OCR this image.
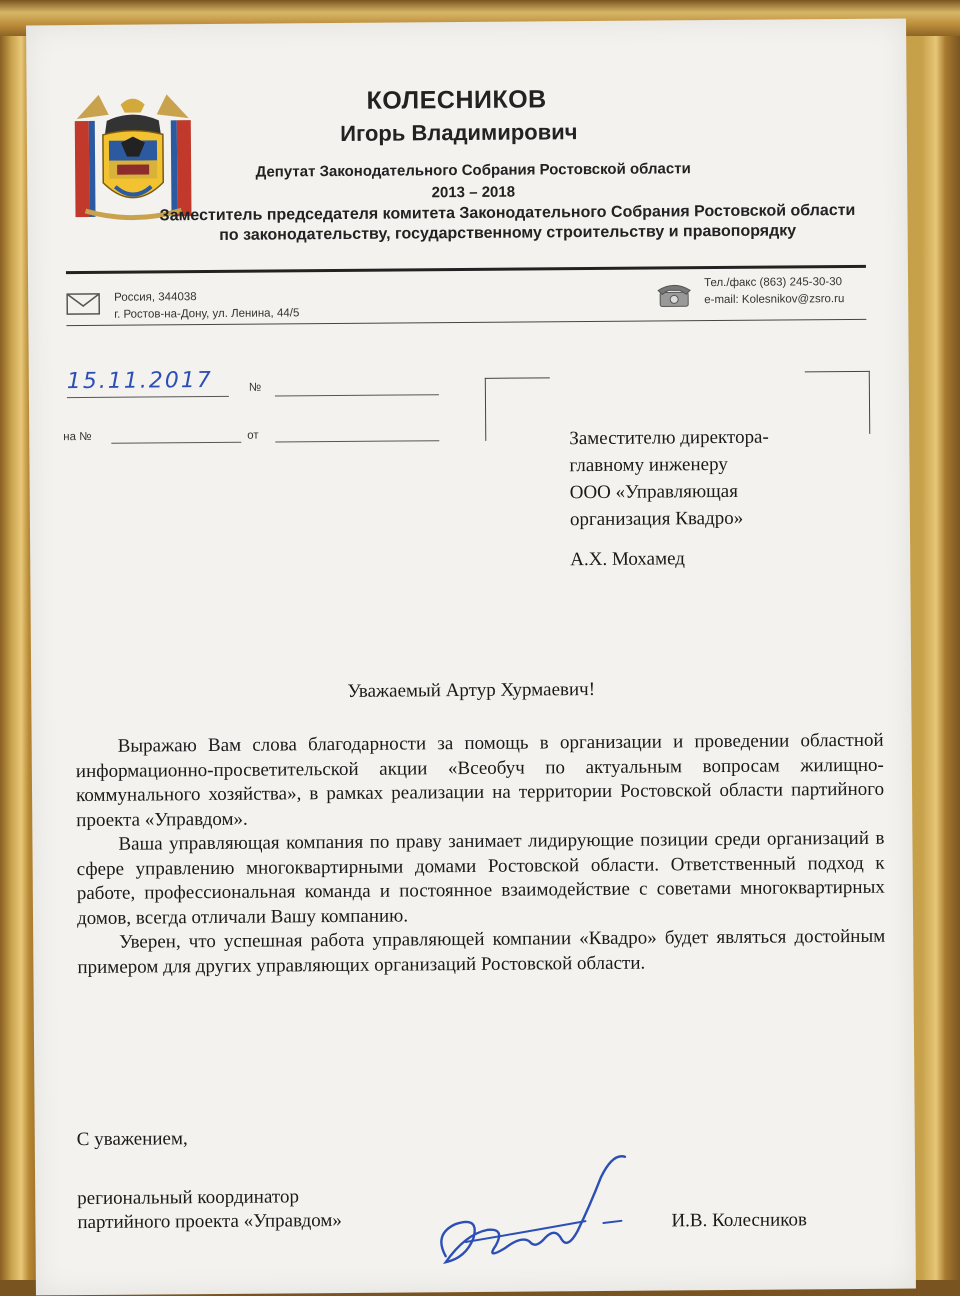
КОЛЕСНИКОВ
Игорь Владимирович
Депутат Законодательного Собрания Ростовской области
2013 – 2018
Заместитель председателя комитета Законодательного Собрания Ростовской области
по законодательству, государственному строительству и правопорядку
Россия, 344038
г. Ростов-на-Дону, ул. Ленина, 44/5
Тел./факс (863) 245-30-30
e-mail: Kolesnikov@zsro.ru
15.11.2017	№
на №	от	Заместителю директора-
главному инженеру
ООО «Управляющая
организация Квадро»
А.Х. Мохамед
Уважаемый Артур Хурмаевич!

Выражаю Вам слова благодарности за помощь в организации и проведении областной информационно-просветительской акции «Всеобуч по актуальным вопросам жилищно-коммунального хозяйства», в рамках реализации на территории Ростовской области партийного проекта «Управдом».

Ваша управляющая компания по праву занимает лидирующие позиции среди организаций в сфере управлению многоквартирными домами Ростовской области. Ответственный подход к работе, профессиональная команда и постоянное взаимодействие с советами многоквартирных домов, всегда отличали Вашу компанию.

Уверен, что успешная работа управляющей компании «Квадро» будет являться достойным примером для других управляющих организаций Ростовской области.

С уважением,
региональный координатор
партийного проекта «Управдом»	И.В. Колесников
